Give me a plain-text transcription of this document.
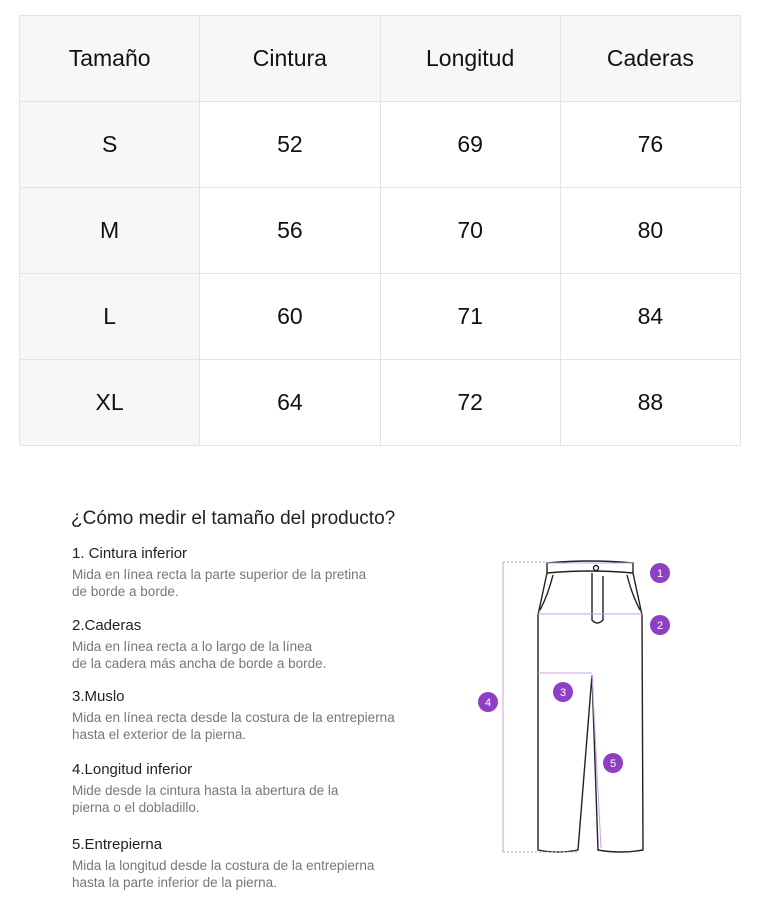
Tamaño	Cintura	Longitud	Caderas
S	52	69	76
M	56	70	80
L	60	71	84
XL	64	72	88
¿Cómo medir el tamaño del producto?

1. Cintura inferior

Mida en línea recta la parte superior de la pretina
de borde a borde.

2.Caderas

Mida en línea recta a lo largo de la línea
de la cadera más ancha de borde a borde.

3.Muslo

Mida en línea recta desde la costura de la entrepierna
hasta el exterior de la pierna.

4.Longitud inferior

Mide desde la cintura hasta la abertura de la
pierna o el dobladillo.

5.Entrepierna

Mida la longitud desde la costura de la entrepierna
hasta la parte inferior de la pierna.

1
2
3
4
5
